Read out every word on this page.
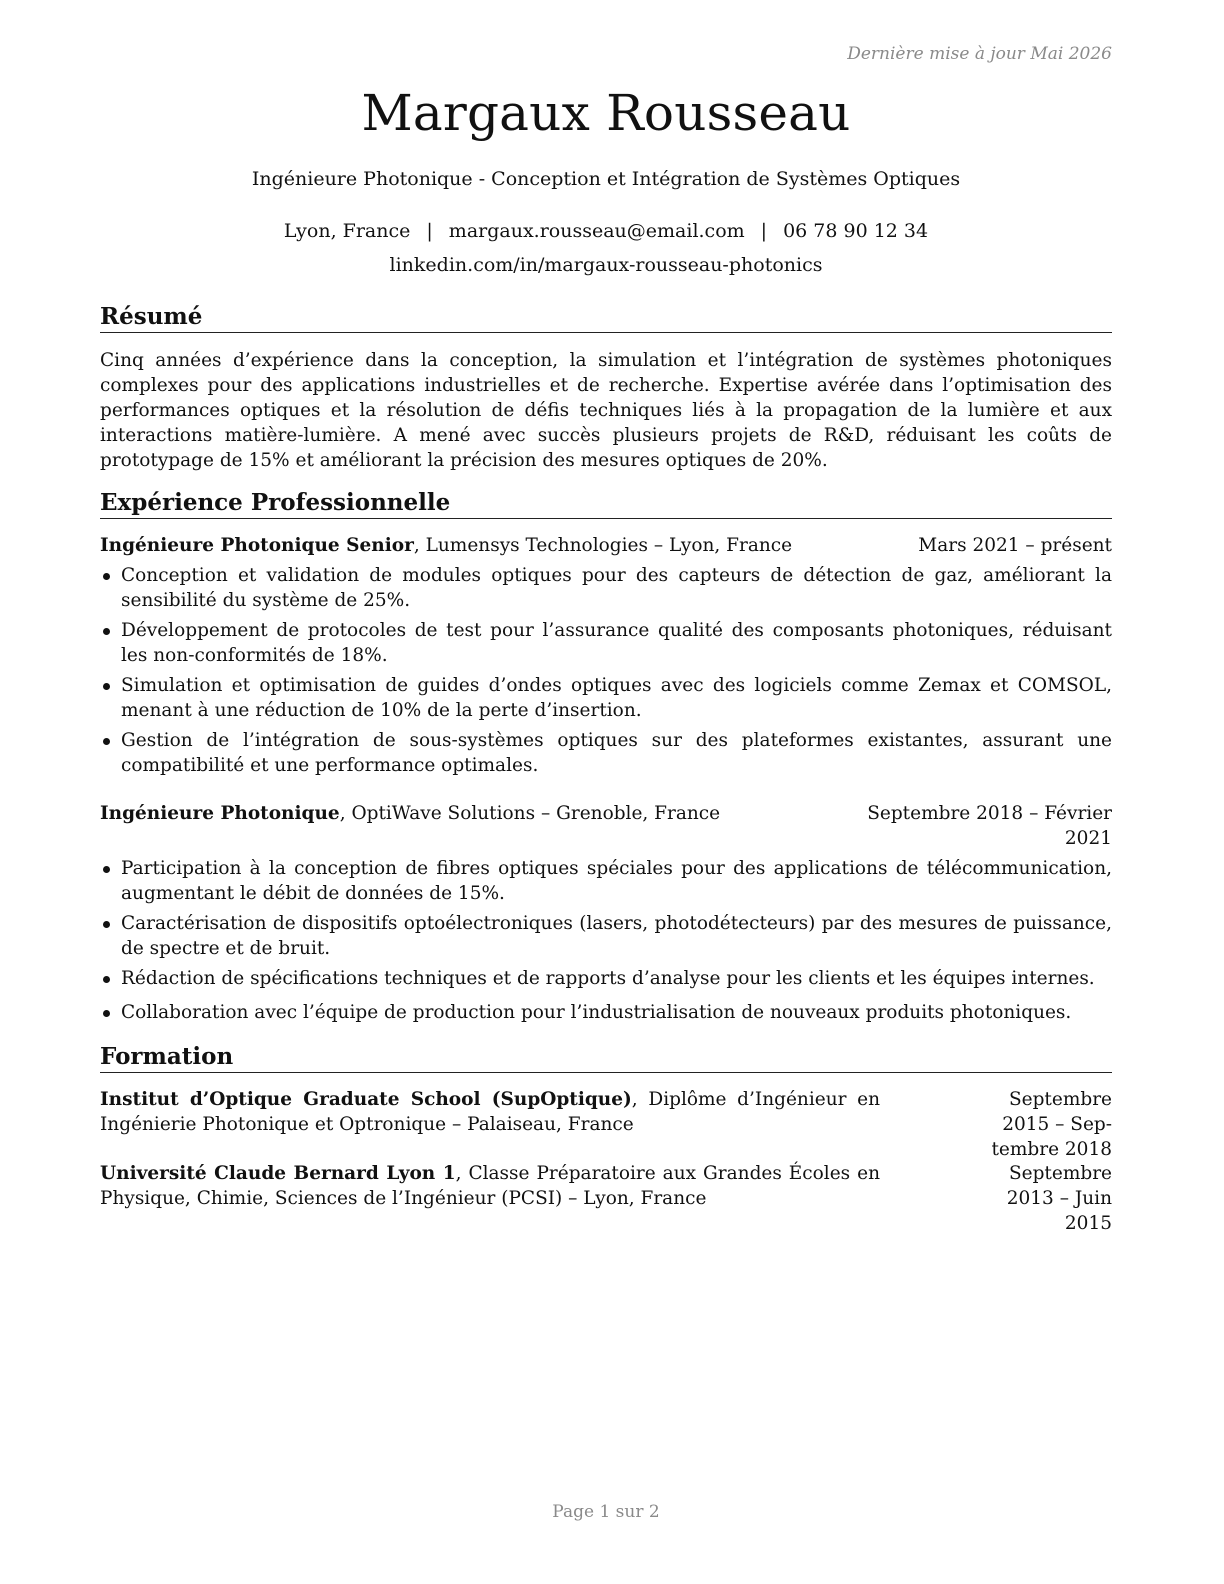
Dernière mise à jour Mai 2026
Margaux Rousseau
Ingénieure Photonique - Conception et Intégration de Systèmes Optiques
Lyon, France | margaux.rousseau@email.com | 06 78 90 12 34
linkedin.com/in/margaux-rousseau-photonics
Résumé
Cinq années d’expérience dans la conception, la simulation et l’intégration de systèmes photoniques complexes pour des applications industrielles et de recherche. Expertise avérée dans l’optimisation des performances optiques et la résolution de défis techniques liés à la propagation de la lumière et aux interactions matière-lumière. A mené avec succès plusieurs projets de R&D, réduisant les coûts de prototypage de 15% et améliorant la précision des mesures optiques de 20%.
Expérience Professionnelle
Ingénieure Photonique Senior, Lumensys Technologies – Lyon, France	Mars 2021 – présent
Conception et validation de modules optiques pour des capteurs de détection de gaz, améliorant la sensibilité du système de 25%.
Développement de protocoles de test pour l’assurance qualité des composants photoniques, réduisant les non-conformités de 18%.
Simulation et optimisation de guides d’ondes optiques avec des logiciels comme Zemax et COMSOL, menant à une réduction de 10% de la perte d’insertion.
Gestion de l’intégration de sous-systèmes optiques sur des plateformes existantes, assurant une compatibilité et une performance optimales.
Ingénieure Photonique, OptiWave Solutions – Grenoble, France	Septembre 2018 – Février
2021
Participation à la conception de fibres optiques spéciales pour des applications de télécommunication, augmentant le débit de données de 15%.
Caractérisation de dispositifs optoélectroniques (lasers, photodétecteurs) par des mesures de puissance, de spectre et de bruit.
Rédaction de spécifications techniques et de rapports d’analyse pour les clients et les équipes internes.
Collaboration avec l’équipe de production pour l’industrialisation de nouveaux produits photoniques.
Formation
Institut d’Optique Graduate School (SupOptique), Diplôme d’Ingénieur en Ingénierie Photonique et Optronique – Palaiseau, France
Septembre 2015 – Sep-
tembre 2018
Université Claude Bernard Lyon 1, Classe Préparatoire aux Grandes Écoles en Physique, Chimie, Sciences de l’Ingénieur (PCSI) – Lyon, France
Septembre 2013 – Juin
2015
Page 1 sur 2
